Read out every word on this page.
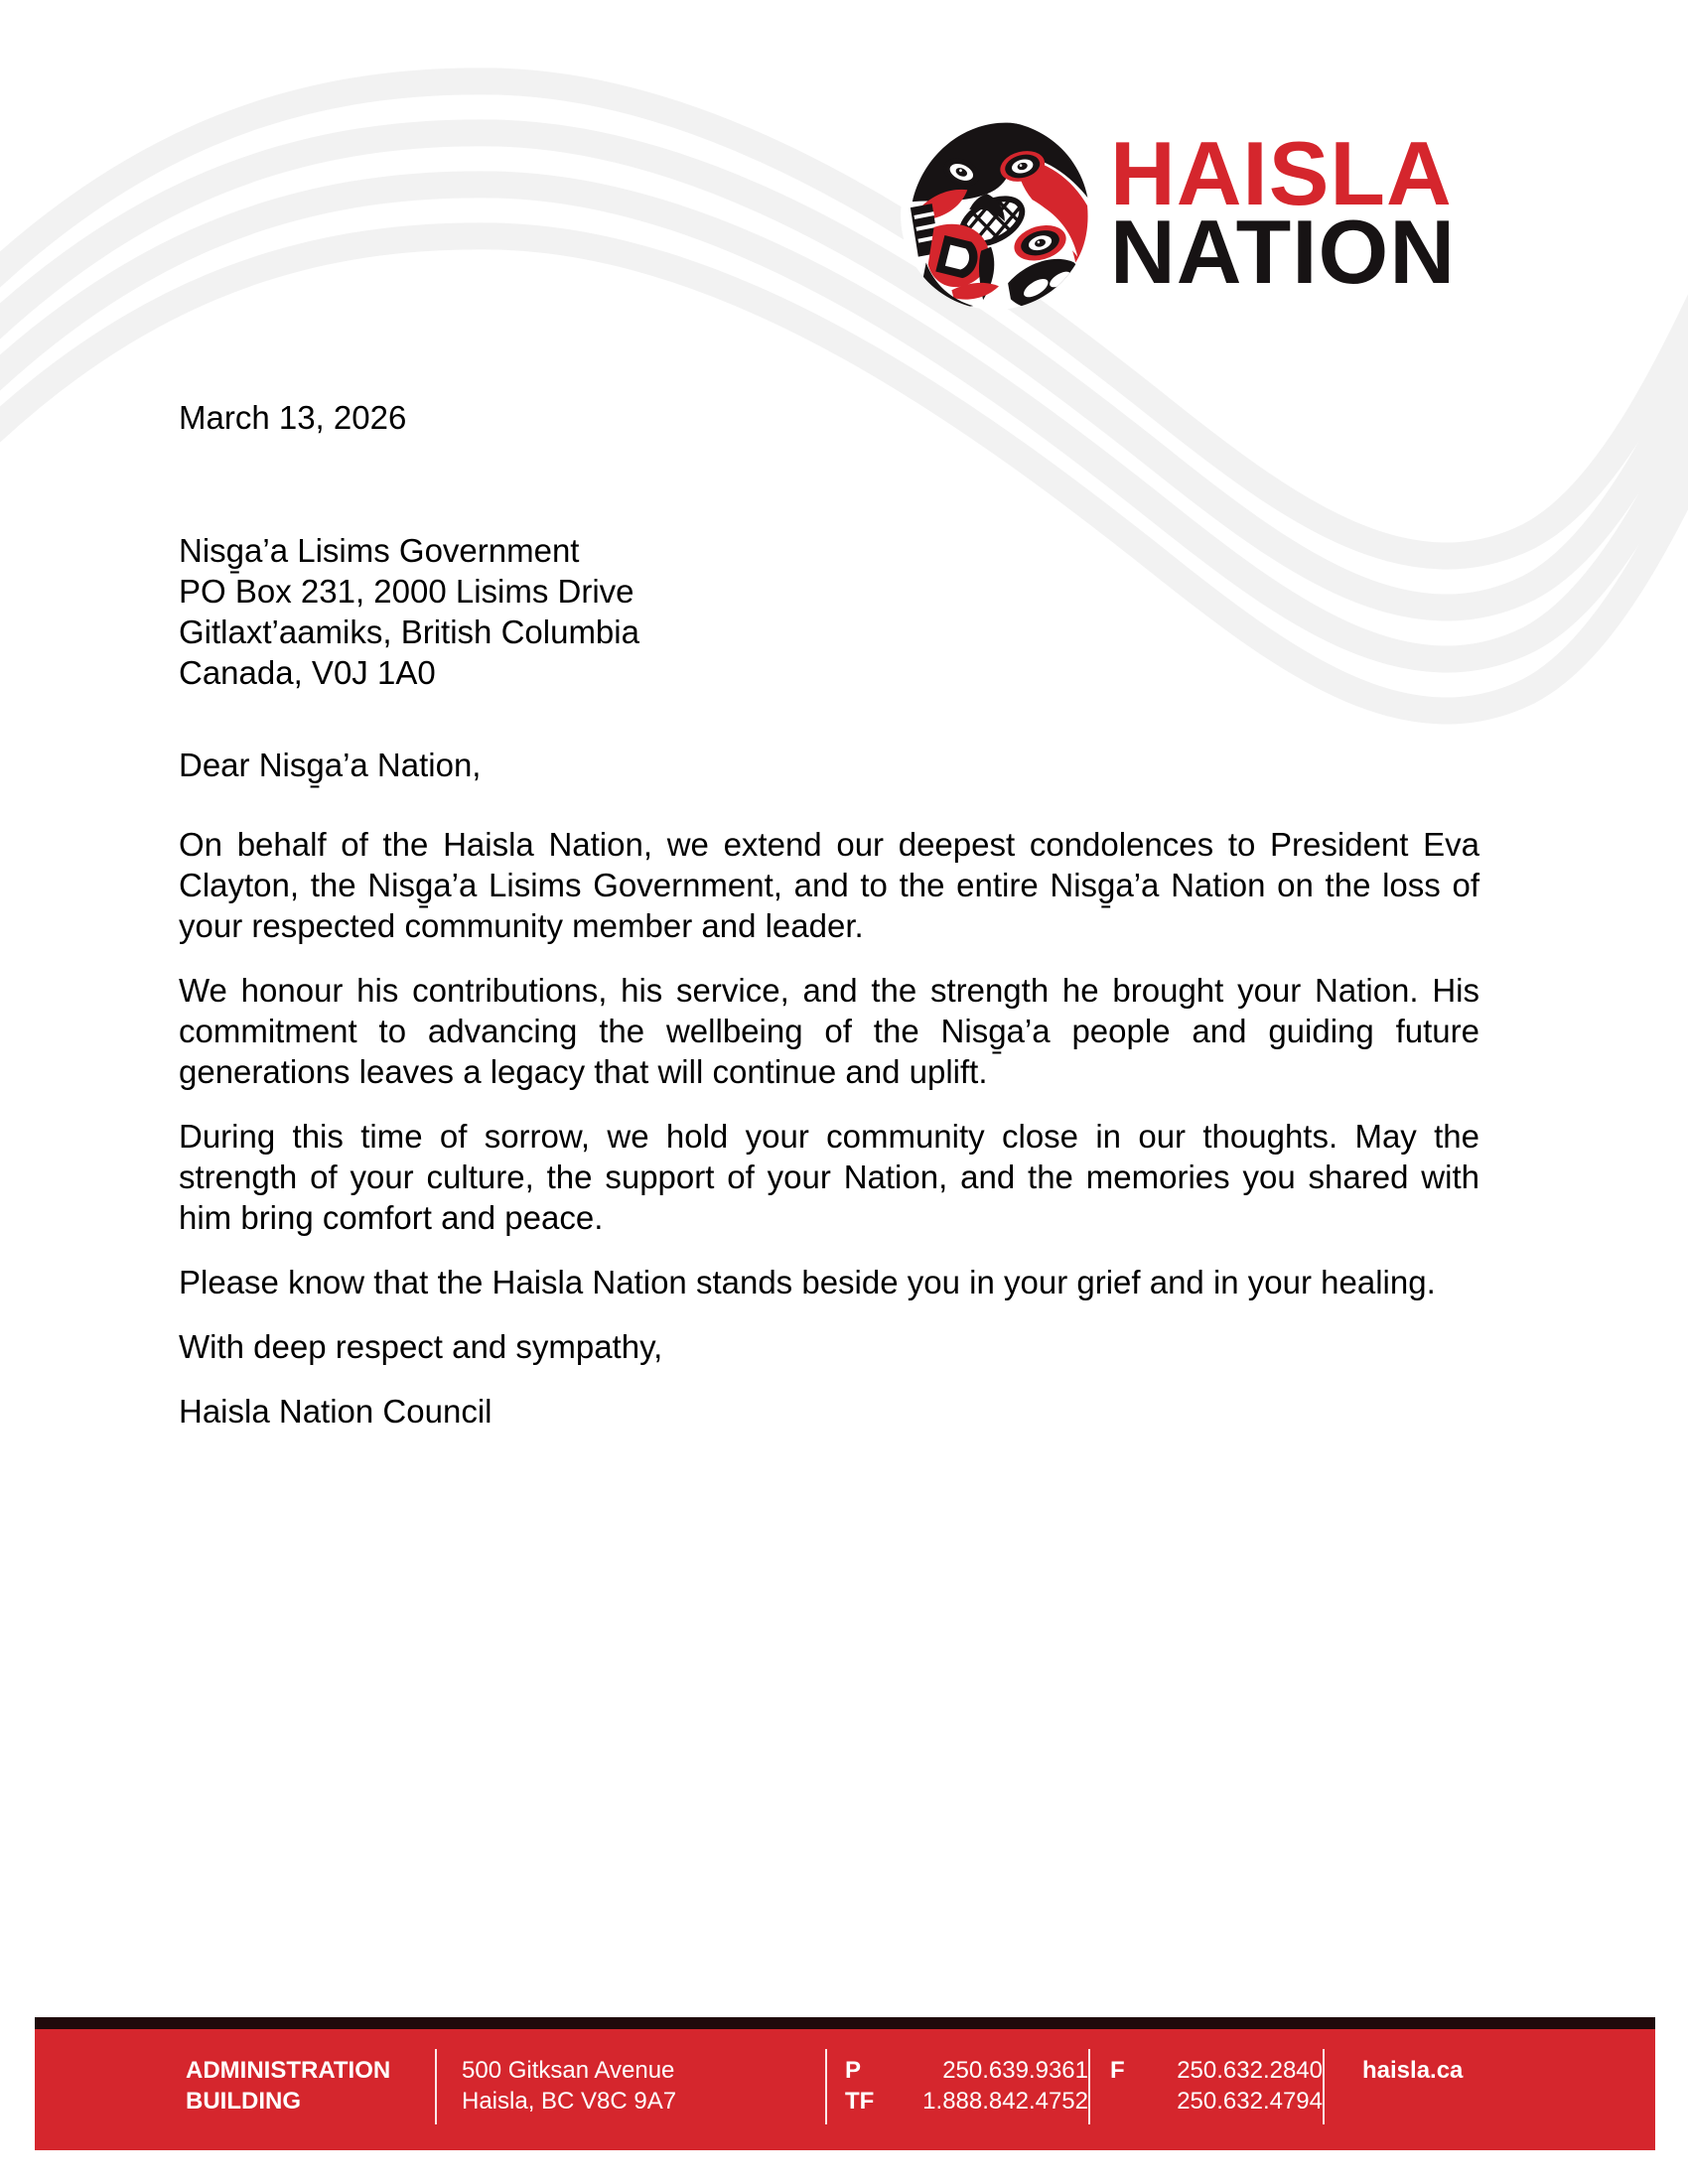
HAISLA
NATION
March 13, 2026
Nisg̱a’a Lisims Government
PO Box 231, 2000 Lisims Drive
Gitlaxt’aamiks, British Columbia
Canada, V0J 1A0
Dear Nisg̱a’a Nation,
On behalf of the Haisla Nation, we extend our deepest condolences to President Eva Clayton, the Nisg̱a’a Lisims Government, and to the entire Nisg̱a’a Nation on the loss of your respected community member and leader.
We honour his contributions, his service, and the strength he brought your Nation. His commitment to advancing the wellbeing of the Nisg̱a’a people and guiding future generations leaves a legacy that will continue and uplift.
During this time of sorrow, we hold your community close in our thoughts. May the strength of your culture, the support of your Nation, and the memories you shared with him bring comfort and peace.
Please know that the Haisla Nation stands beside you in your grief and in your healing.
With deep respect and sympathy,
Haisla Nation Council
ADMINISTRATION
BUILDING
500 Gitksan Avenue
Haisla, BC V8C 9A7
P	250.639.9361
TF	1.888.842.4752
F	250.632.2840
250.632.4794
haisla.ca
